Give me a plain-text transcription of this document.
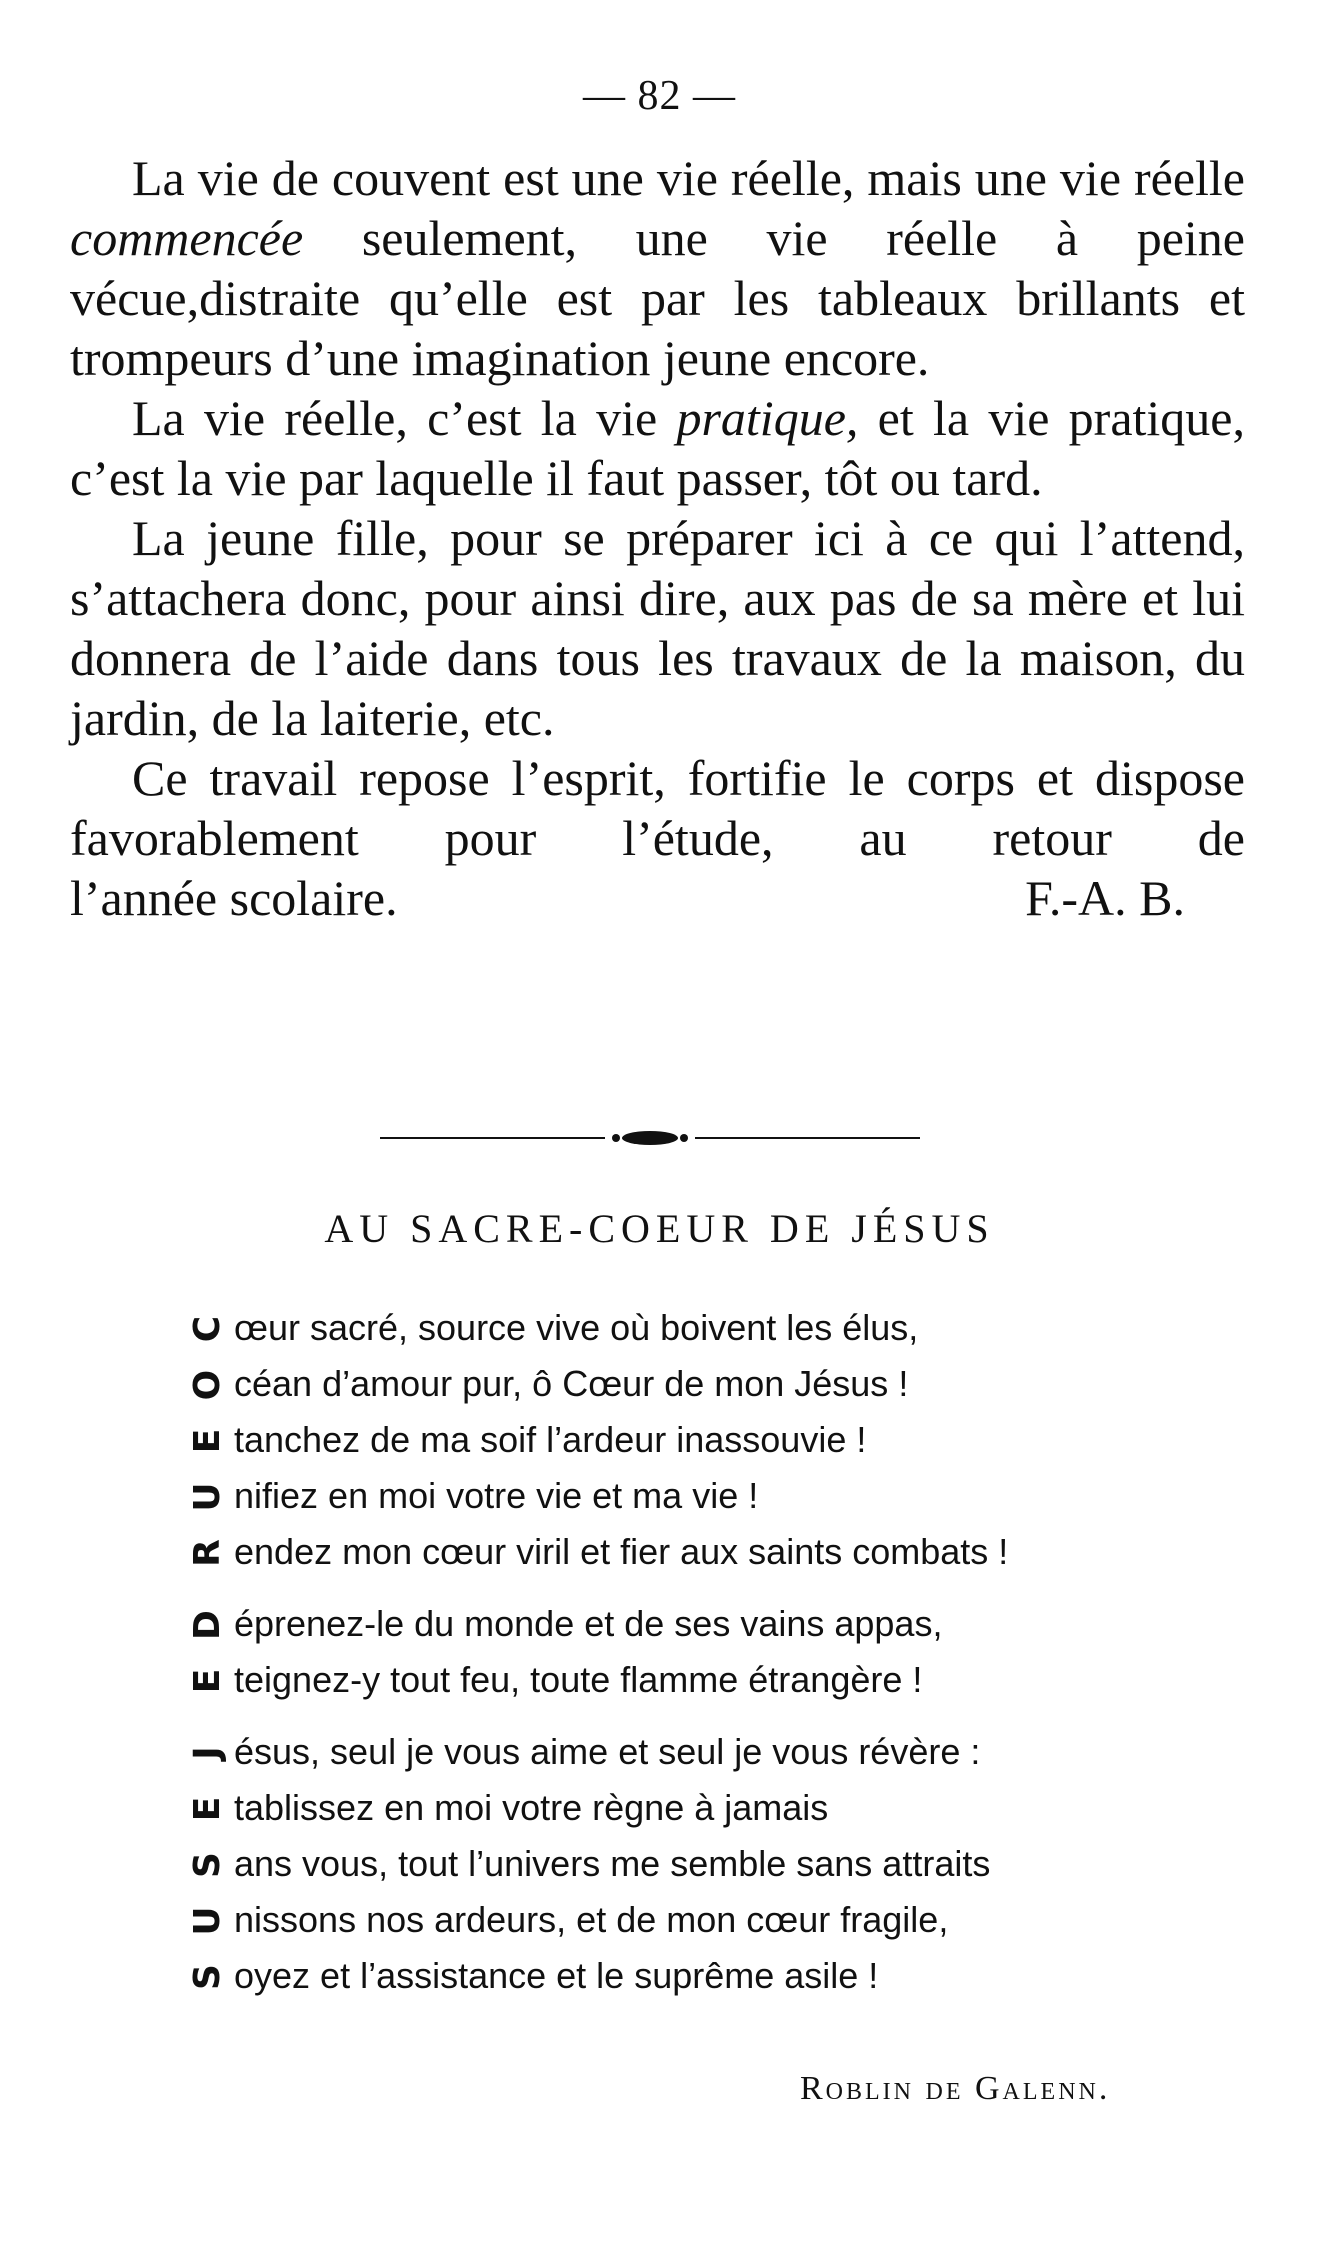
— 82 —

La vie de couvent est une vie réelle, mais une vie réelle commencée seulement, une vie réelle à peine vécue,distraite qu’elle est par les tableaux brillants et trompeurs d’une imagination jeune encore.

La vie réelle, c’est la vie pratique, et la vie pratique, c’est la vie par laquelle il faut passer, tôt ou tard.

La jeune fille, pour se préparer ici à ce qui l’attend, s’attachera donc, pour ainsi dire, aux pas de sa mère et lui donnera de l’aide dans tous les travaux de la maison, du jardin, de la laiterie, etc.

Ce travail repose l’esprit, fortifie le corps et dispose favorablement pour l’étude, au retour de

l’année scolaire.	F.-A. B.
AU SACRE-COEUR DE JÉSUS
C œur sacré, source vive où boivent les élus,
O céan d’amour pur, ô Cœur de mon Jésus !
E tanchez de ma soif l’ardeur inassouvie !
U nifiez en moi votre vie et ma vie !
R endez mon cœur viril et fier aux saints combats !
D éprenez-le du monde et de ses vains appas,
E teignez-y tout feu, toute flamme étrangère !
J ésus, seul je vous aime et seul je vous révère :
E tablissez en moi votre règne à jamais
S ans vous, tout l’univers me semble sans attraits
U nissons nos ardeurs, et de mon cœur fragile,
S oyez et l’assistance et le suprême asile !
Roblin de Galenn.
